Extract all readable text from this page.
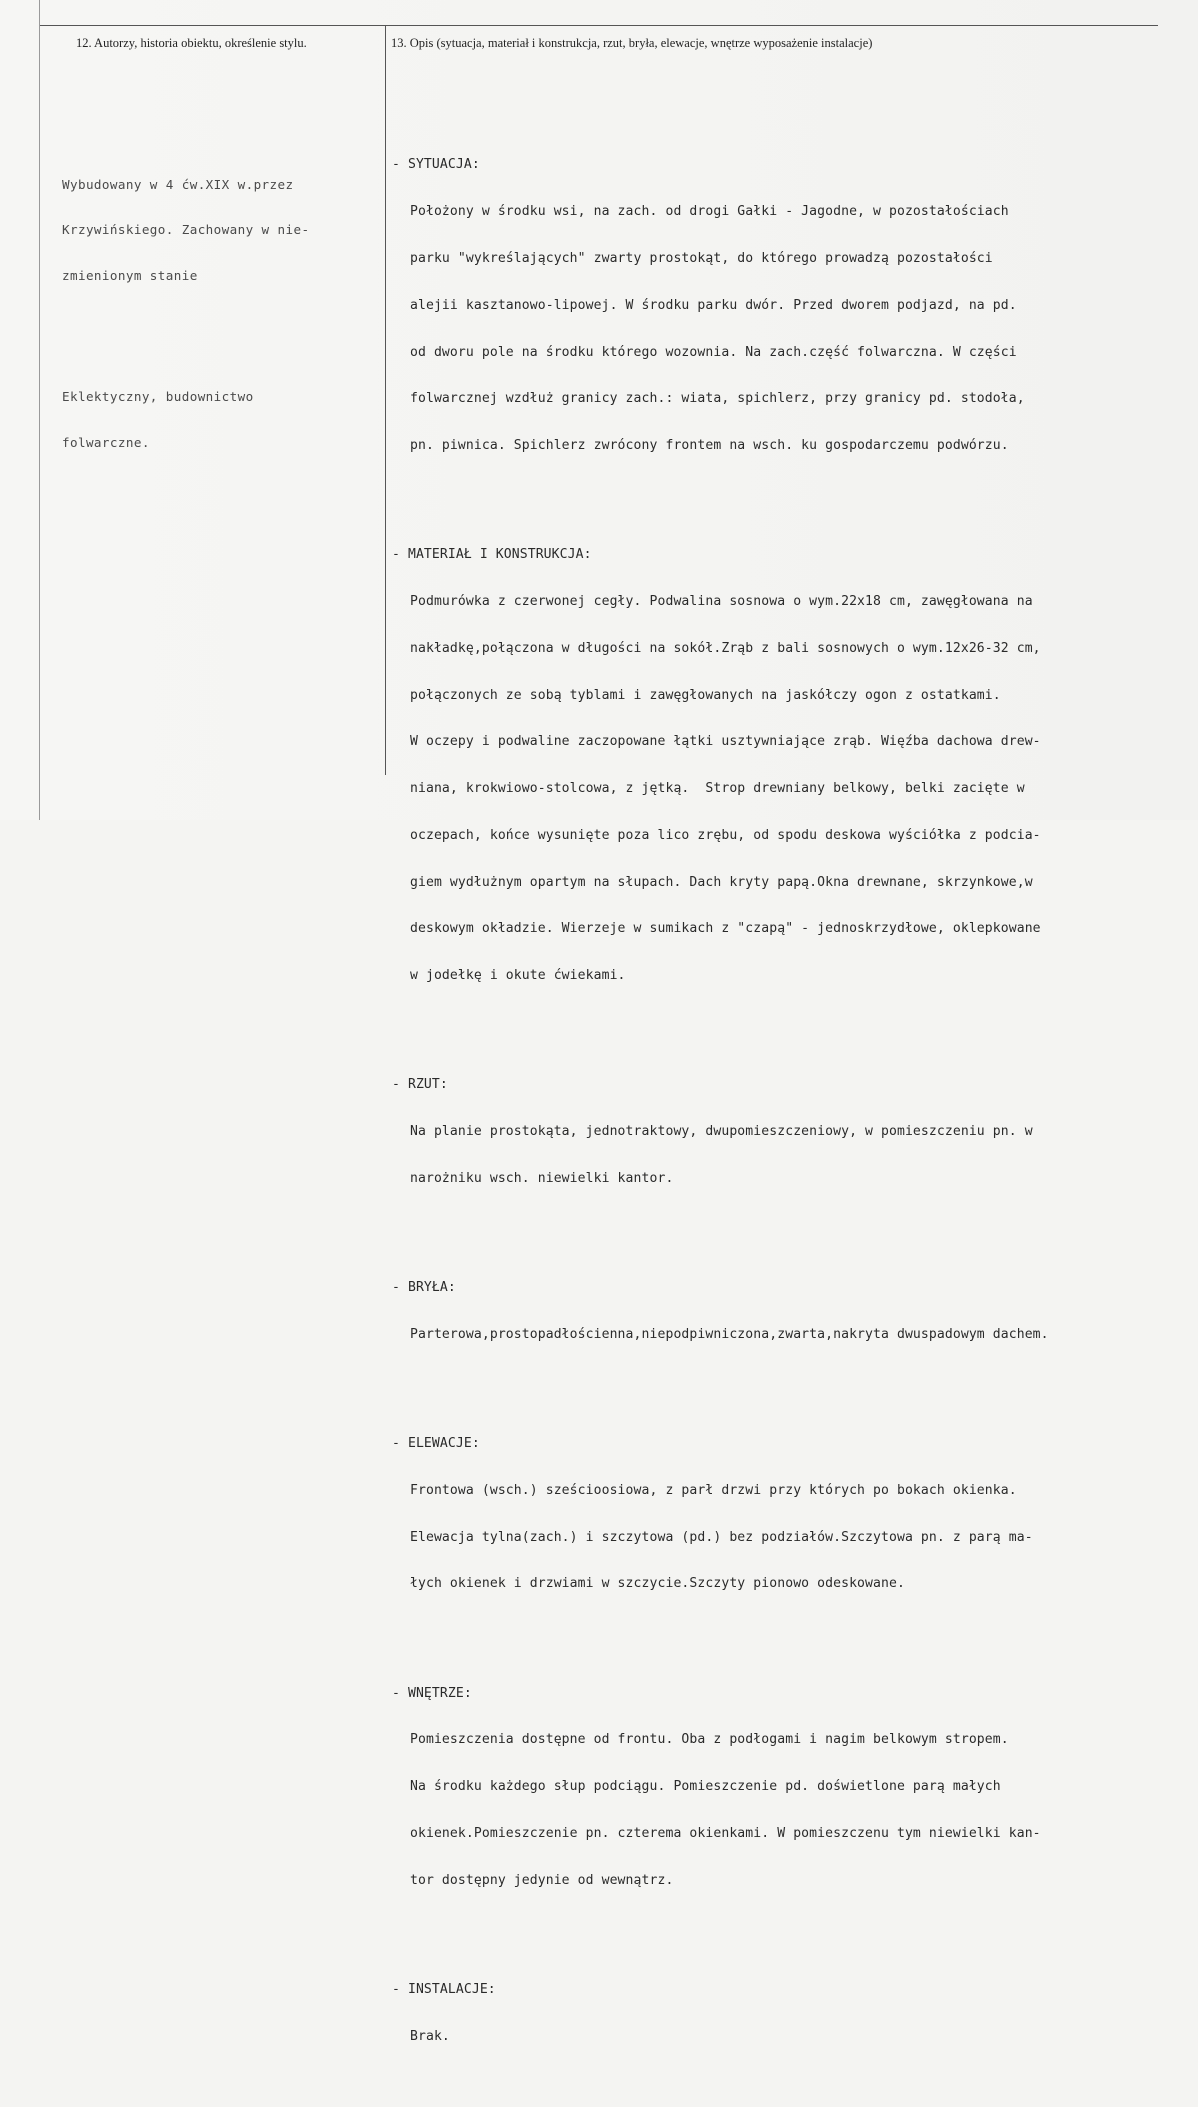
12. Autorzy, historia obiektu, określenie stylu.	13. Opis (sytuacja, materiał i konstrukcja, rzut, bryła, elewacje, wnętrze wyposażenie instalacje)

Wybudowany w 4 ćw.XIX w.przez

Krzywińskiego. Zachowany w nie-

zmienionym stanie

Eklektyczny, budownictwo

folwarczne.

- SYTUACJA:

Położony w środku wsi, na zach. od drogi Gałki - Jagodne, w pozostałościach

parku "wykreślających" zwarty prostokąt, do którego prowadzą pozostałości

alejii kasztanowo-lipowej. W środku parku dwór. Przed dworem podjazd, na pd.

od dworu pole na środku którego wozownia. Na zach.część folwarczna. W części

folwarcznej wzdłuż granicy zach.: wiata, spichlerz, przy granicy pd. stodoła,

pn. piwnica. Spichlerz zwrócony frontem na wsch. ku gospodarczemu podwórzu.

- MATERIAŁ I KONSTRUKCJA:

Podmurówka z czerwonej cegły. Podwalina sosnowa o wym.22x18 cm, zawęgłowana na

nakładkę,połączona w długości na sokół.Zrąb z bali sosnowych o wym.12x26-32 cm,

połączonych ze sobą tyblami i zawęgłowanych na jaskółczy ogon z ostatkami.

W oczepy i podwaline zaczopowane łątki usztywniające zrąb. Więźba dachowa drew-

niana, krokwiowo-stolcowa, z jętką.  Strop drewniany belkowy, belki zacięte w

oczepach, końce wysunięte poza lico zrębu, od spodu deskowa wyściółka z podcia-

giem wydłużnym opartym na słupach. Dach kryty papą.Okna drewnane, skrzynkowe,w

deskowym okładzie. Wierzeje w sumikach z "czapą" - jednoskrzydłowe, oklepkowane

w jodełkę i okute ćwiekami.

- RZUT:

Na planie prostokąta, jednotraktowy, dwupomieszczeniowy, w pomieszczeniu pn. w

narożniku wsch. niewielki kantor.

- BRYŁA:

Parterowa,prostopadłościenna,niepodpiwniczona,zwarta,nakryta dwuspadowym dachem.

- ELEWACJE:

Frontowa (wsch.) sześcioosiowa, z parł drzwi przy których po bokach okienka.

Elewacja tylna(zach.) i szczytowa (pd.) bez podziałów.Szczytowa pn. z parą ma-

łych okienek i drzwiami w szczycie.Szczyty pionowo odeskowane.

- WNĘTRZE:

Pomieszczenia dostępne od frontu. Oba z podłogami i nagim belkowym stropem.

Na środku każdego słup podciągu. Pomieszczenie pd. doświetlone parą małych

okienek.Pomieszczenie pn. czterema okienkami. W pomieszczenu tym niewielki kan-

tor dostępny jedynie od wewnątrz.

- INSTALACJE:

Brak.
